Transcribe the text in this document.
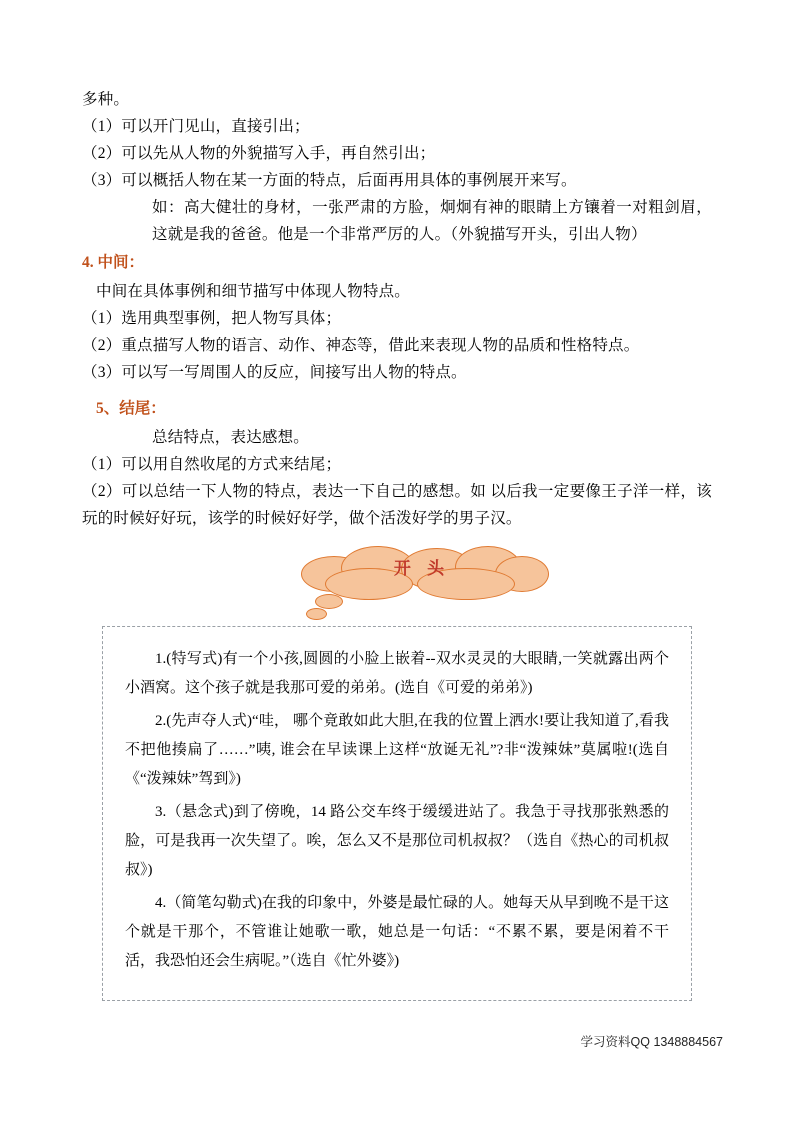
多种。
（1）可以开门见山，直接引出；
（2）可以先从人物的外貌描写入手，再自然引出；
（3）可以概括人物在某一方面的特点，后面再用具体的事例展开来写。
如：高大健壮的身材，一张严肃的方脸，炯炯有神的眼睛上方镶着一对粗剑眉，这就是我的爸爸。他是一个非常严厉的人。（外貌描写开头，引出人物）
4. 中间：
中间在具体事例和细节描写中体现人物特点。
（1）选用典型事例，把人物写具体；
（2）重点描写人物的语言、动作、神态等，借此来表现人物的品质和性格特点。
（3）可以写一写周围人的反应，间接写出人物的特点。
5、结尾：
总结特点，表达感想。
（1）可以用自然收尾的方式来结尾；
（2）可以总结一下人物的特点，表达一下自己的感想。如 以后我一定要像王子洋一样，该玩的时候好好玩，该学的时候好好学，做个活泼好学的男子汉。
开 头

1.(特写式)有一个小孩,圆圆的小脸上嵌着--双水灵灵的大眼睛,一笑就露出两个小酒窝。这个孩子就是我那可爱的弟弟。(选自《可爱的弟弟》)

2.(先声夺人式)“哇， 哪个竟敢如此大胆,在我的位置上洒水!要让我知道了,看我不把他揍扁了……”咦, 谁会在早读课上这样“放诞无礼”?非“泼辣妹”莫属啦!(选自《“泼辣妹”驾到》)

3.（悬念式)到了傍晚，14 路公交车终于缓缓进站了。我急于寻找那张熟悉的脸，可是我再一次失望了。唉，怎么又不是那位司机叔叔？（选自《热心的司机叔叔》)

4.（简笔勾勒式)在我的印象中，外婆是最忙碌的人。她每天从早到晚不是干这个就是干那个，不管谁让她歌一歌，她总是一句话：“不累不累，要是闲着不干活，我恐怕还会生病呢。”（选自《忙外婆》)

学习资料QQ 1348884567
